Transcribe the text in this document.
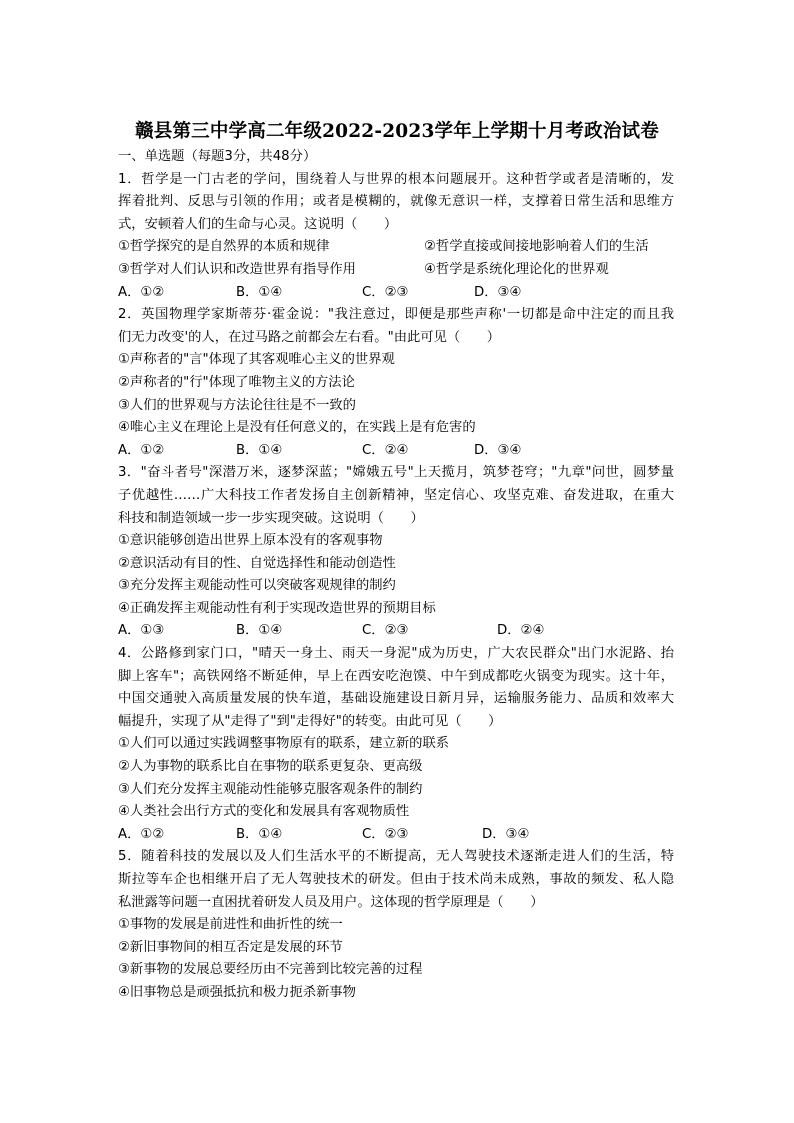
赣县第三中学高二年级2022-2023学年上学期十月考政治试卷
一、单选题（每题3分，共48分）
1．哲学是一门古老的学问，围绕着人与世界的根本问题展开。这种哲学或者是清晰的，发
挥着批判、反思与引领的作用；或者是模糊的，就像无意识一样，支撑着日常生活和思维方
式，安顿着人们的生命与心灵。这说明（　　）
①哲学探究的是自然界的本质和规律	②哲学直接或间接地影响着人们的生活
③哲学对人们认识和改造世界有指导作用	④哲学是系统化理论化的世界观
A．①②	B．①④	C．②③	D．③④
2．英国物理学家斯蒂芬·霍金说："我注意过，即便是那些声称'一切都是命中注定的而且我
们无力改变'的人，在过马路之前都会左右看。"由此可见（　　）
①声称者的"言"体现了其客观唯心主义的世界观
②声称者的"行"体现了唯物主义的方法论
③人们的世界观与方法论往往是不一致的
④唯心主义在理论上是没有任何意义的，在实践上是有危害的
A．①②	B．①④	C．②④	D．③④
3．"奋斗者号"深潜万米，逐梦深蓝；"嫦娥五号"上天揽月，筑梦苍穹；"九章"问世，圆梦量
子优越性……广大科技工作者发扬自主创新精神，坚定信心、攻坚克难、奋发进取，在重大
科技和制造领域一步一步实现突破。这说明（　　）
①意识能够创造出世界上原本没有的客观事物
②意识活动有目的性、自觉选择性和能动创造性
③充分发挥主观能动性可以突破客观规律的制约
④正确发挥主观能动性有利于实现改造世界的预期目标
A．①③	B．①④	C．②③	D．②④
4．公路修到家门口，"晴天一身土、雨天一身泥"成为历史，广大农民群众"出门水泥路、抬
脚上客车"；高铁网络不断延伸，早上在西安吃泡馍、中午到成都吃火锅变为现实。这十年，
中国交通驶入高质量发展的快车道，基础设施建设日新月异，运输服务能力、品质和效率大
幅提升，实现了从"走得了"到"走得好"的转变。由此可见（　　）
①人们可以通过实践调整事物原有的联系，建立新的联系
②人为事物的联系比自在事物的联系更复杂、更高级
③人们充分发挥主观能动性能够克服客观条件的制约
④人类社会出行方式的变化和发展具有客观物质性
A．①②	B．①④	C．②③	D．③④
5．随着科技的发展以及人们生活水平的不断提高，无人驾驶技术逐渐走进人们的生活，特
斯拉等车企也相继开启了无人驾驶技术的研发。但由于技术尚未成熟，事故的频发、私人隐
私泄露等问题一直困扰着研发人员及用户。这体现的哲学原理是（　　）
①事物的发展是前进性和曲折性的统一
②新旧事物间的相互否定是发展的环节
③新事物的发展总要经历由不完善到比较完善的过程
④旧事物总是顽强抵抗和极力扼杀新事物
